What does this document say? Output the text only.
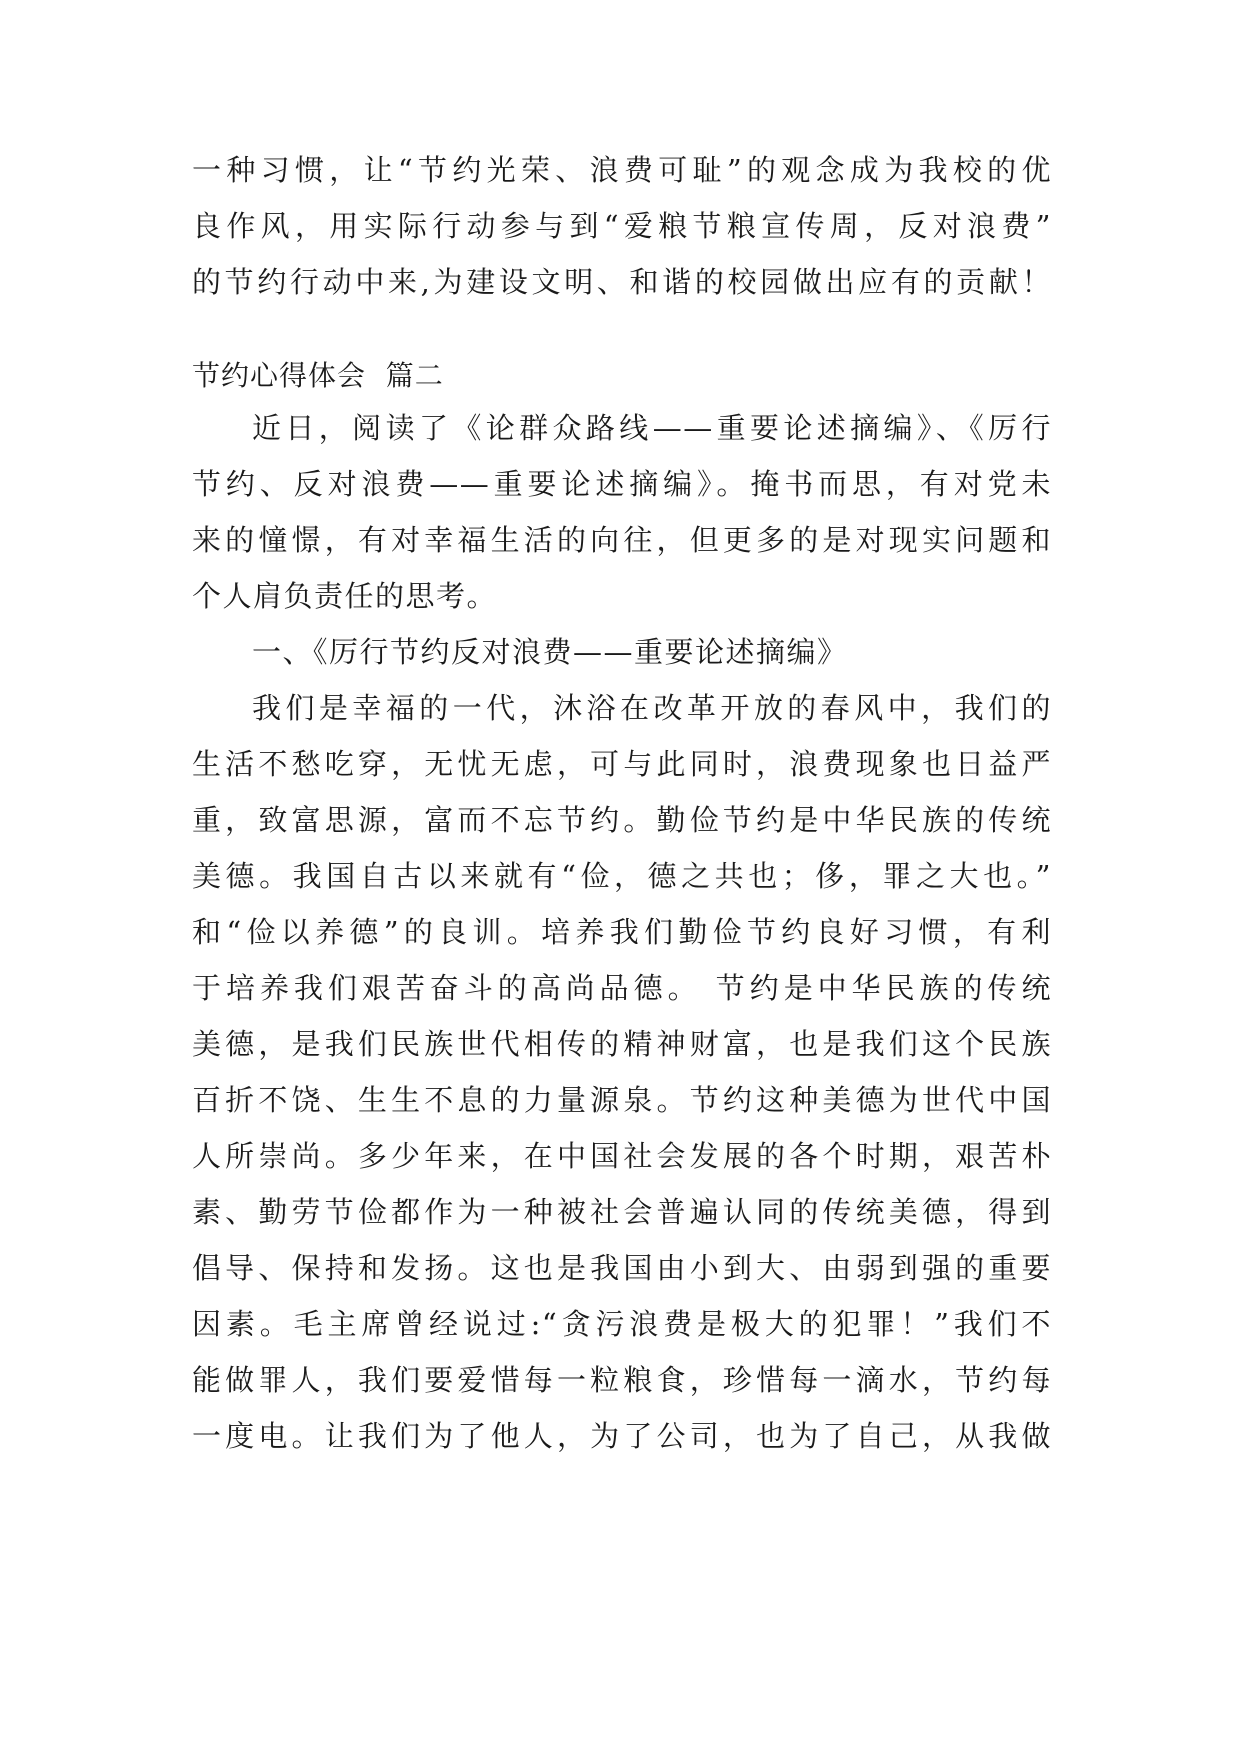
一种习惯，让“节约光荣、浪费可耻”的观念成为我校的优
良作风，用实际行动参与到“爱粮节粮宣传周，反对浪费”
的节约行动中来,为建设文明、和谐的校园做出应有的贡献！
节约心得体会  篇二
近日，阅读了《论群众路线——重要论述摘编》、《厉行
节约、反对浪费——重要论述摘编》。掩书而思，有对党未
来的憧憬，有对幸福生活的向往，但更多的是对现实问题和
个人肩负责任的思考。
一、《厉行节约反对浪费——重要论述摘编》
我们是幸福的一代，沐浴在改革开放的春风中，我们的
生活不愁吃穿，无忧无虑，可与此同时，浪费现象也日益严
重，致富思源，富而不忘节约。勤俭节约是中华民族的传统
美德。我国自古以来就有“俭，德之共也；侈，罪之大也。”
和“俭以养德”的良训。培养我们勤俭节约良好习惯，有利
于培养我们艰苦奋斗的高尚品德。 节约是中华民族的传统
美德，是我们民族世代相传的精神财富，也是我们这个民族
百折不饶、生生不息的力量源泉。节约这种美德为世代中国
人所崇尚。多少年来，在中国社会发展的各个时期，艰苦朴
素、勤劳节俭都作为一种被社会普遍认同的传统美德，得到
倡导、保持和发扬。这也是我国由小到大、由弱到强的重要
因素。毛主席曾经说过:“贪污浪费是极大的犯罪！”我们不
能做罪人，我们要爱惜每一粒粮食，珍惜每一滴水，节约每
一度电。让我们为了他人，为了公司，也为了自己，从我做
